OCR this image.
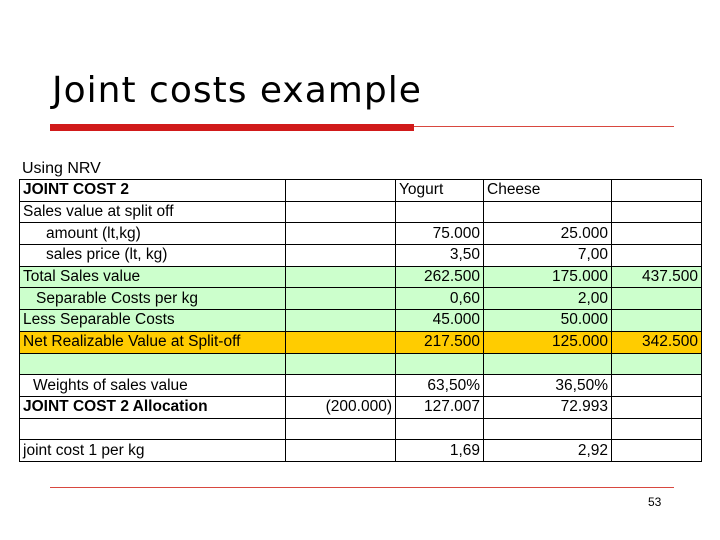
Joint costs example
Using NRV
JOINT COST 2		Yogurt	Cheese	
Sales value at split off				
amount (lt,kg)		75.000	25.000	
sales price (lt, kg)		3,50	7,00	
Total Sales value		262.500	175.000	437.500
Separable Costs per kg		0,60	2,00	
Less Separable Costs		45.000	50.000	
Net Realizable Value at Split-off		217.500	125.000	342.500

Weights of sales value		63,50%	36,50%	
JOINT COST 2 Allocation	(200.000)	127.007	72.993	

joint cost 1 per kg		1,69	2,92	
53
